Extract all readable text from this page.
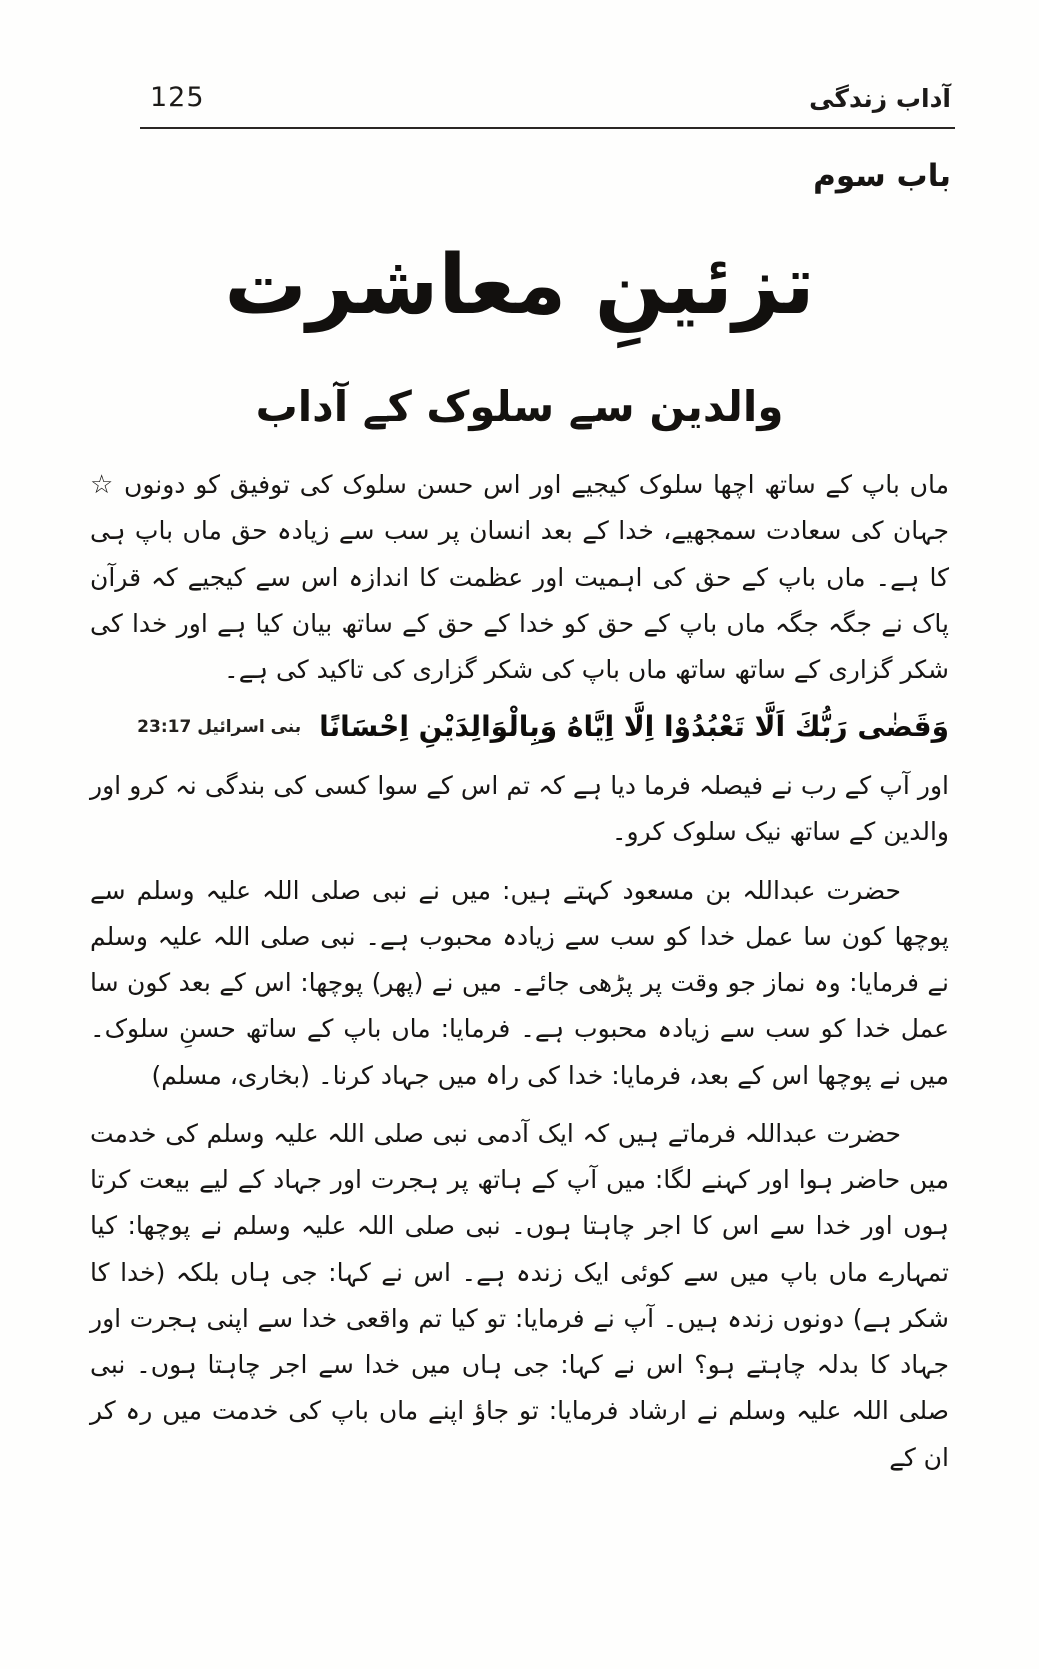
125	آداب زندگی
باب سوم
تزئینِ معاشرت
والدین سے سلوک کے آداب

☆ ماں باپ کے ساتھ اچھا سلوک کیجیے اور اس حسن سلوک کی توفیق کو دونوں جہان کی سعادت سمجھیے، خدا کے بعد انسان پر سب سے زیادہ حق ماں باپ ہی کا ہے۔ ماں باپ کے حق کی اہمیت اور عظمت کا اندازہ اس سے کیجیے کہ قرآن پاک نے جگہ جگہ ماں باپ کے حق کو خدا کے حق کے ساتھ بیان کیا ہے اور خدا کی شکر گزاری کے ساتھ ساتھ ماں باپ کی شکر گزاری کی تاکید کی ہے۔

وَقَضٰى رَبُّكَ اَلَّا تَعْبُدُوْا اِلَّا اِيَّاهُ وَبِالْوَالِدَيْنِ اِحْسَانًابنی اسرائیل 23:17

اور آپ کے رب نے فیصلہ فرما دیا ہے کہ تم اس کے سوا کسی کی بندگی نہ کرو اور والدین کے ساتھ نیک سلوک کرو۔

حضرت عبداللہ بن مسعود کہتے ہیں: میں نے نبی صلی اللہ علیہ وسلم سے پوچھا کون سا عمل خدا کو سب سے زیادہ محبوب ہے۔ نبی صلی اللہ علیہ وسلم نے فرمایا: وہ نماز جو وقت پر پڑھی جائے۔ میں نے (پھر) پوچھا: اس کے بعد کون سا عمل خدا کو سب سے زیادہ محبوب ہے۔ فرمایا: ماں باپ کے ساتھ حسنِ سلوک۔ میں نے پوچھا اس کے بعد، فرمایا: خدا کی راہ میں جہاد کرنا۔ (بخاری، مسلم)

حضرت عبداللہ فرماتے ہیں کہ ایک آدمی نبی صلی اللہ علیہ وسلم کی خدمت میں حاضر ہوا اور کہنے لگا: میں آپ کے ہاتھ پر ہجرت اور جہاد کے لیے بیعت کرتا ہوں اور خدا سے اس کا اجر چاہتا ہوں۔ نبی صلی اللہ علیہ وسلم نے پوچھا: کیا تمہارے ماں باپ میں سے کوئی ایک زندہ ہے۔ اس نے کہا: جی ہاں بلکہ (خدا کا شکر ہے) دونوں زندہ ہیں۔ آپ نے فرمایا: تو کیا تم واقعی خدا سے اپنی ہجرت اور جہاد کا بدلہ چاہتے ہو؟ اس نے کہا: جی ہاں میں خدا سے اجر چاہتا ہوں۔ نبی صلی اللہ علیہ وسلم نے ارشاد فرمایا: تو جاؤ اپنے ماں باپ کی خدمت میں رہ کر ان کے
